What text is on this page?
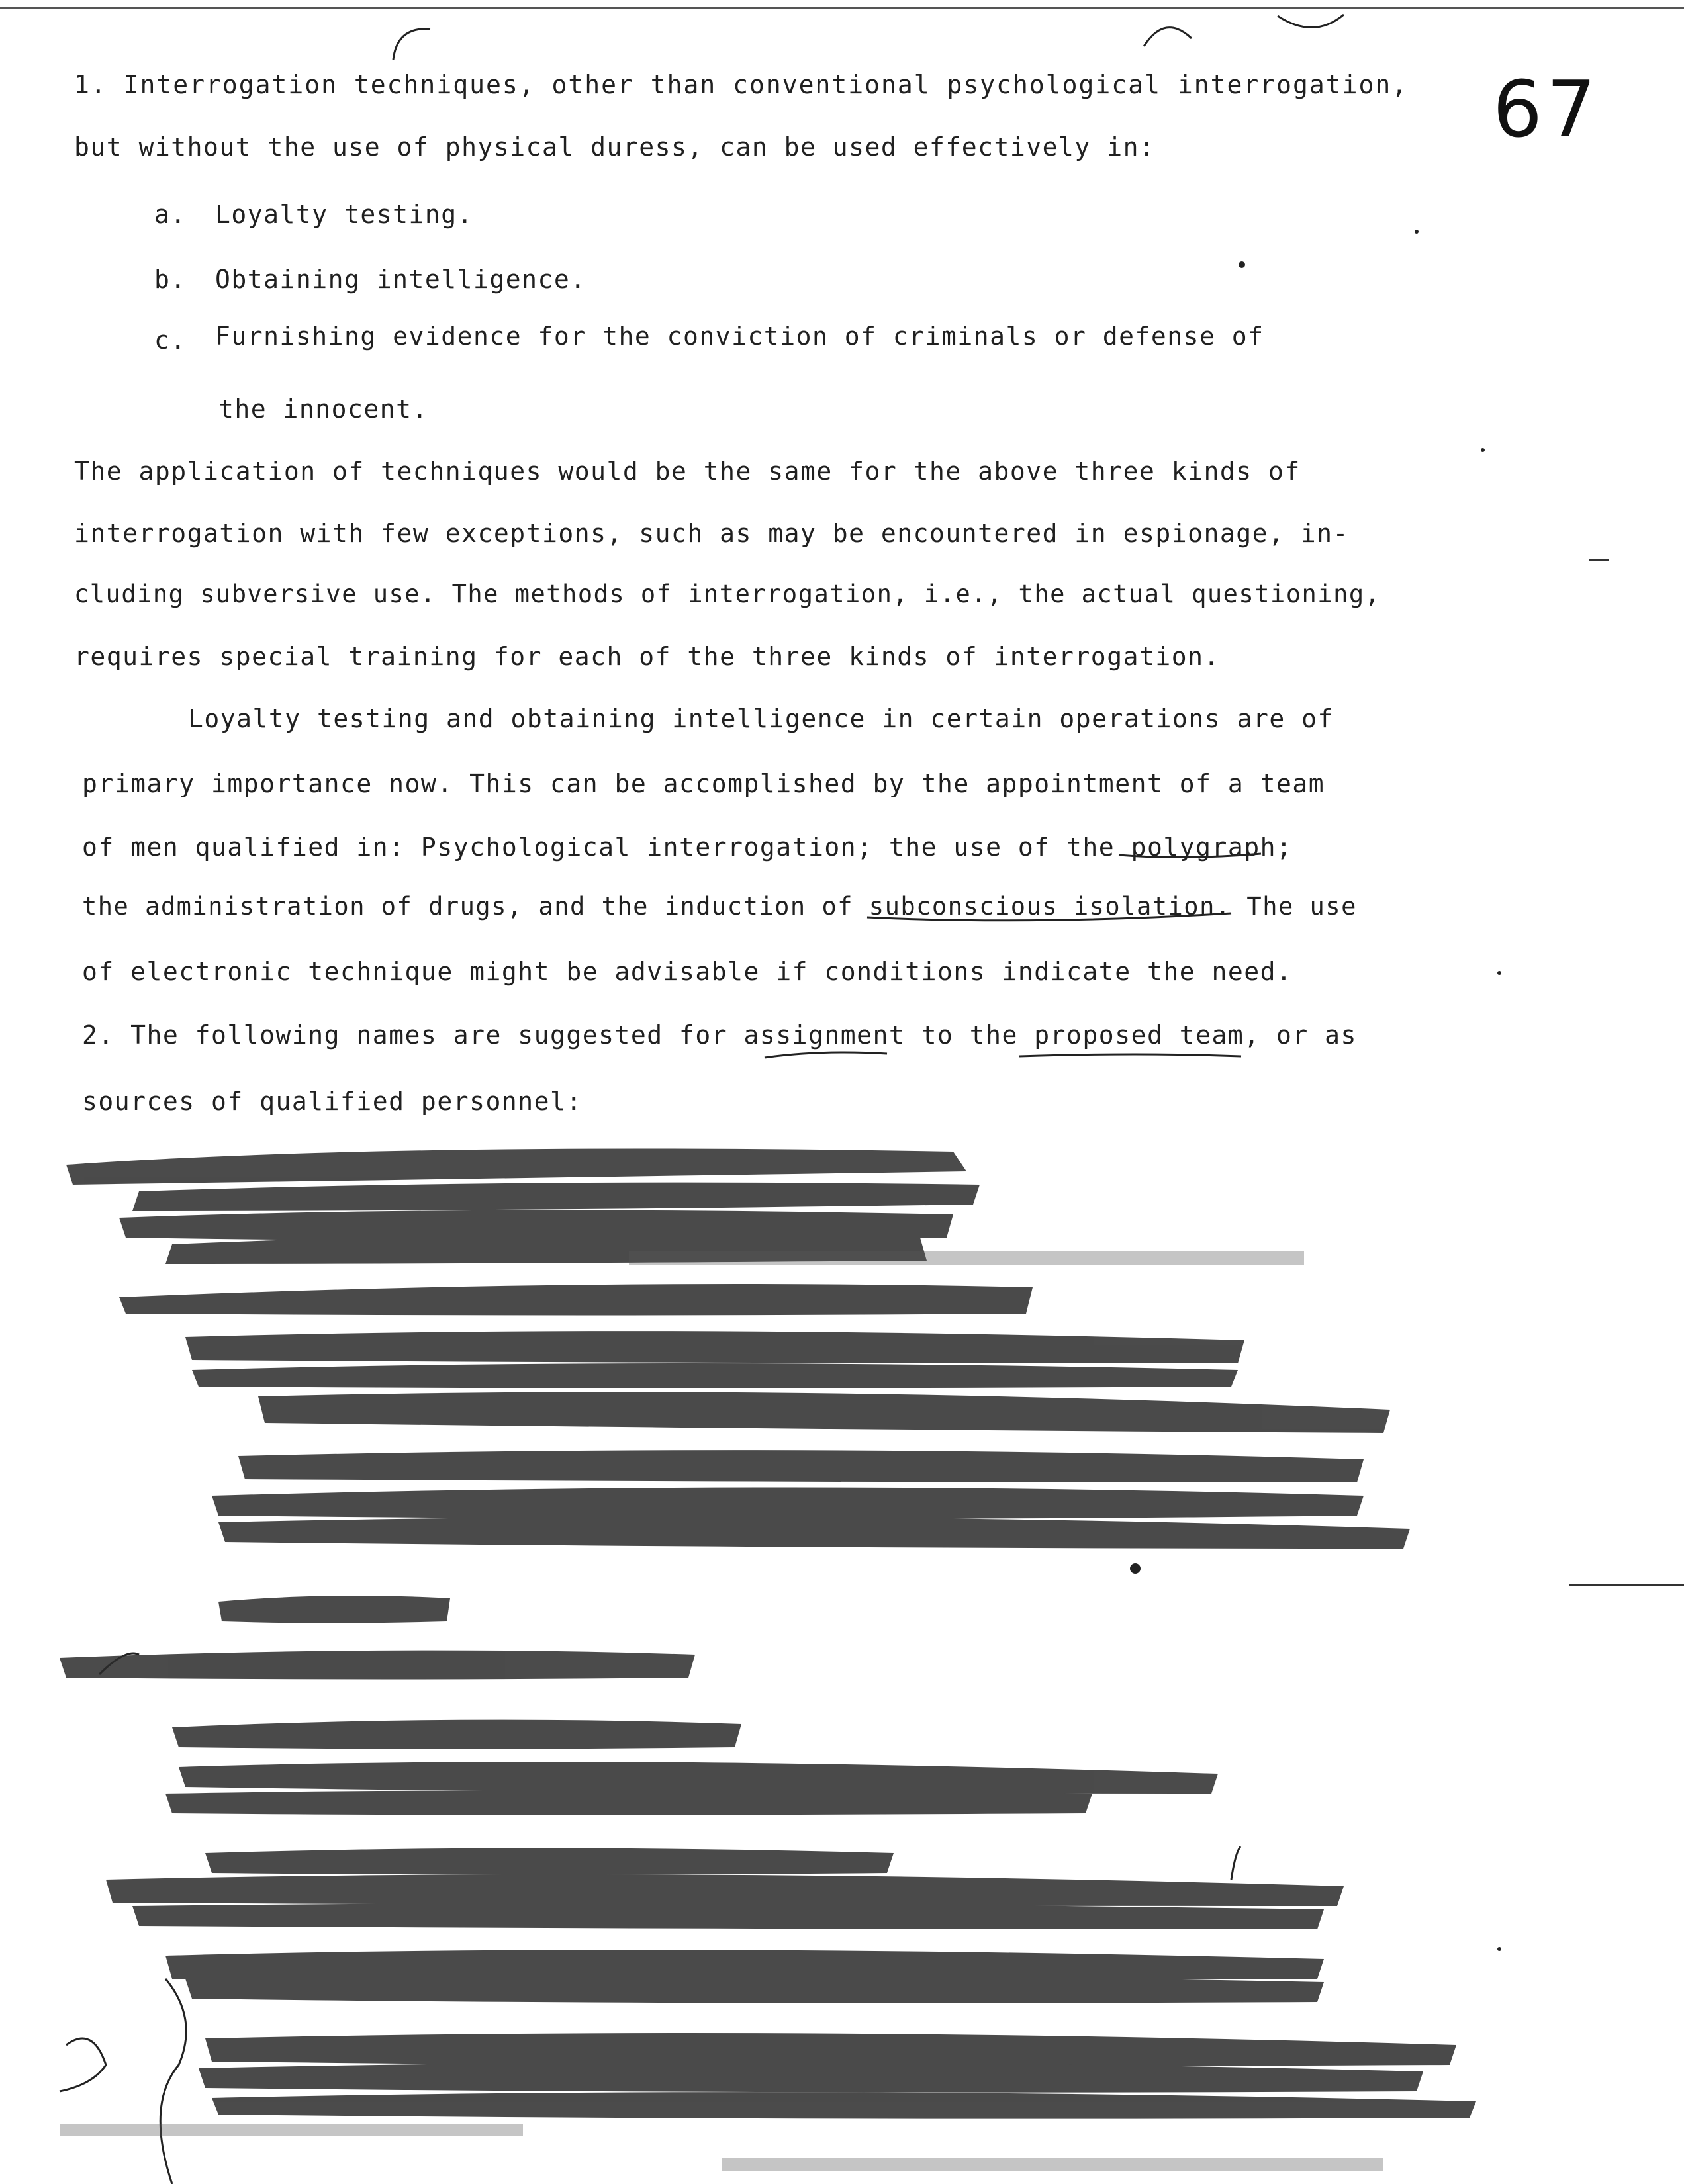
67
1. Interrogation techniques, other than conventional psychological interrogation,
but without the use of physical duress, can be used effectively in:
a. Loyalty testing.
b. Obtaining intelligence.
c. Furnishing evidence for the conviction of criminals or defense of
the innocent.
The application of techniques would be the same for the above three kinds of
interrogation with few exceptions, such as may be encountered in espionage, in-
cluding subversive use. The methods of interrogation, i.e., the actual questioning,
requires special training for each of the three kinds of interrogation.
Loyalty testing and obtaining intelligence in certain operations are of
primary importance now. This can be accomplished by the appointment of a team
of men qualified in: Psychological interrogation; the use of the polygraph;
the administration of drugs, and the induction of subconscious isolation. The use
of electronic technique might be advisable if conditions indicate the need.
2. The following names are suggested for assignment to the proposed team, or as
sources of qualified personnel:
